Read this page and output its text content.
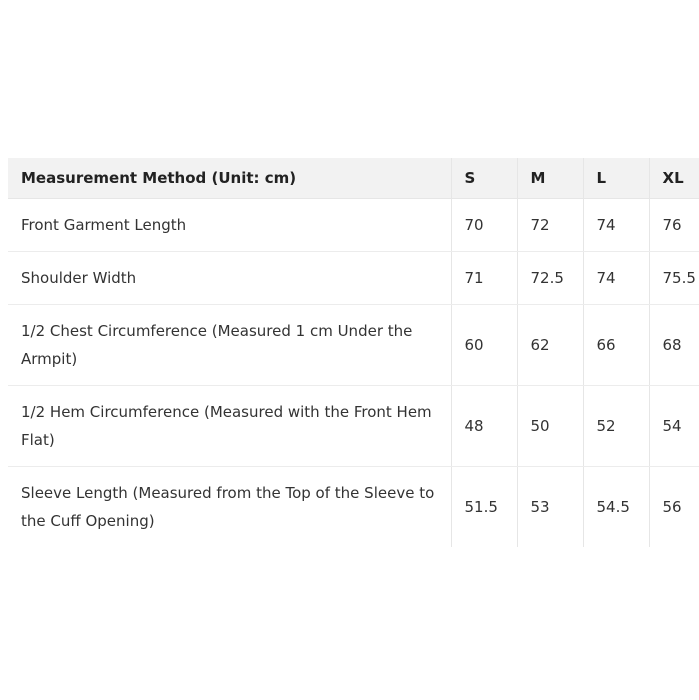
Measurement Method (Unit: cm)	S	M	L	XL
Front Garment Length	70	72	74	76
Shoulder Width	71	72.5	74	75.5
1/2 Chest Circumference (Measured 1 cm Under the Armpit)	60	62	66	68
1/2 Hem Circumference (Measured with the Front Hem Flat)	48	50	52	54
Sleeve Length (Measured from the Top of the Sleeve to the Cuff Opening)	51.5	53	54.5	56
